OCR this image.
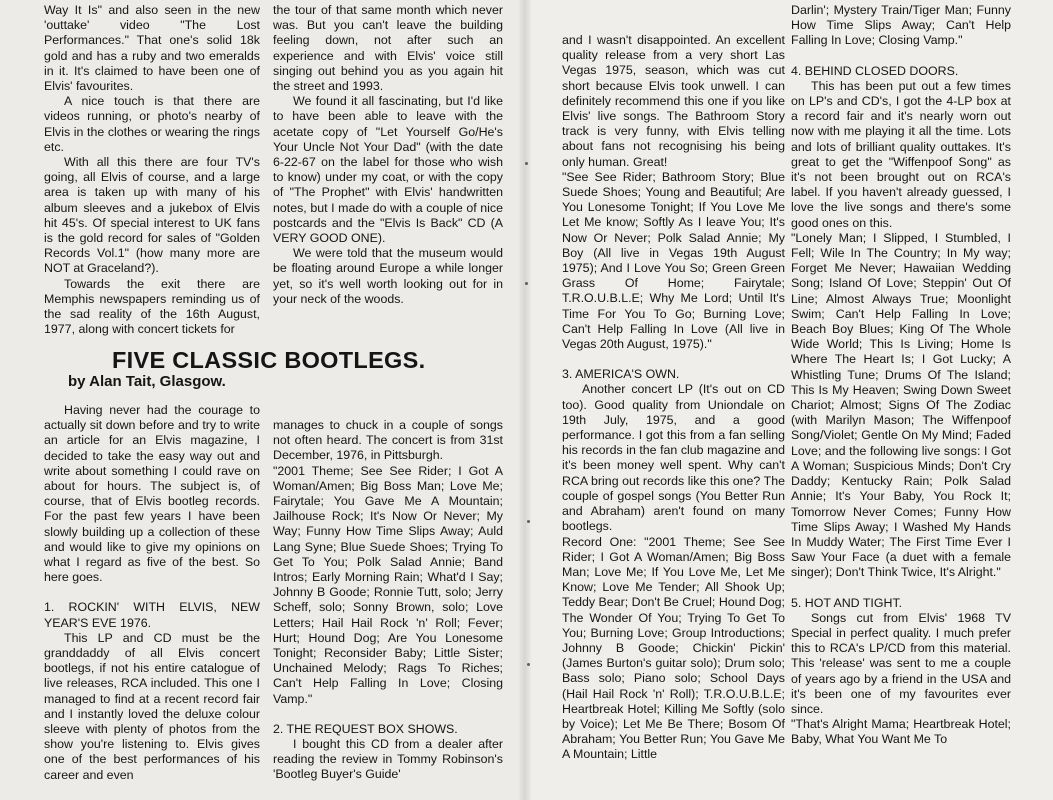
Way It Is" and also seen in the new 'outtake' video "The Lost Performances." That one's solid 18k gold and has a ruby and two emeralds in it. It's claimed to have been one of Elvis' favourites.

A nice touch is that there are videos running, or photo's nearby of Elvis in the clothes or wearing the rings etc.

With all this there are four TV's going, all Elvis of course, and a large area is taken up with many of his album sleeves and a jukebox of Elvis hit 45's. Of special interest to UK fans is the gold record for sales of "Golden Records Vol.1" (how many more are NOT at Graceland?).

Towards the exit there are Memphis newspapers reminding us of the sad reality of the 16th August, 1977, along with concert tickets for

the tour of that same month which never was. But you can't leave the building feeling down, not after such an experience and with Elvis' voice still singing out behind you as you again hit the street and 1993.

We found it all fascinating, but I'd like to have been able to leave with the acetate copy of "Let Yourself Go/He's Your Uncle Not Your Dad" (with the date 6-22-67 on the label for those who wish to know) under my coat, or with the copy of "The Prophet" with Elvis' handwritten notes, but I made do with a couple of nice postcards and the "Elvis Is Back" CD (A VERY GOOD ONE).

We were told that the museum would be floating around Europe a while longer yet, so it's well worth looking out for in your neck of the woods.

FIVE CLASSIC BOOTLEGS.
by Alan Tait, Glasgow.

Having never had the courage to actually sit down before and try to write an article for an Elvis magazine, I decided to take the easy way out and write about something I could rave on about for hours. The subject is, of course, that of Elvis bootleg records. For the past few years I have been slowly building up a collection of these and would like to give my opinions on what I regard as five of the best. So here goes.

1. ROCKIN' WITH ELVIS, NEW YEAR'S EVE 1976.

This LP and CD must be the granddaddy of all Elvis concert bootlegs, if not his entire catalogue of live releases, RCA included. This one I managed to find at a recent record fair and I instantly loved the deluxe colour sleeve with plenty of photos from the show you're listening to. Elvis gives one of the best performances of his career and even

manages to chuck in a couple of songs not often heard. The concert is from 31st December, 1976, in Pittsburgh.

"2001 Theme; See See Rider; I Got A Woman/Amen; Big Boss Man; Love Me; Fairytale; You Gave Me A Mountain; Jailhouse Rock; It's Now Or Never; My Way; Funny How Time Slips Away; Auld Lang Syne; Blue Suede Shoes; Trying To Get To You; Polk Salad Annie; Band Intros; Early Morning Rain; What'd I Say; Johnny B Goode; Ronnie Tutt, solo; Jerry Scheff, solo; Sonny Brown, solo; Love Letters; Hail Hail Rock 'n' Roll; Fever; Hurt; Hound Dog; Are You Lonesome Tonight; Reconsider Baby; Little Sister; Unchained Melody; Rags To Riches; Can't Help Falling In Love; Closing Vamp."

2. THE REQUEST BOX SHOWS.

I bought this CD from a dealer after reading the review in Tommy Robinson's 'Bootleg Buyer's Guide'

and I wasn't disappointed. An excellent quality release from a very short Las Vegas 1975, season, which was cut short because Elvis took unwell. I can definitely recommend this one if you like Elvis' live songs. The Bathroom Story track is very funny, with Elvis telling about fans not recognising his being only human. Great!

"See See Rider; Bathroom Story; Blue Suede Shoes; Young and Beautiful; Are You Lonesome Tonight; If You Love Me Let Me know; Softly As I leave You; It's Now Or Never; Polk Salad Annie; My Boy (All live in Vegas 19th August 1975); And I Love You So; Green Green Grass Of Home; Fairytale; T.R.O.U.B.L.E; Why Me Lord; Until It's Time For You To Go; Burning Love; Can't Help Falling In Love (All live in Vegas 20th August, 1975)."

3. AMERICA'S OWN.

Another concert LP (It's out on CD too). Good quality from Uniondale on 19th July, 1975, and a good performance. I got this from a fan selling his records in the fan club magazine and it's been money well spent. Why can't RCA bring out records like this one? The couple of gospel songs (You Better Run and Abraham) aren't found on many bootlegs.

Record One: "2001 Theme; See See Rider; I Got A Woman/Amen; Big Boss Man; Love Me; If You Love Me, Let Me Know; Love Me Tender; All Shook Up; Teddy Bear; Don't Be Cruel; Hound Dog; The Wonder Of You; Trying To Get To You; Burning Love; Group Introductions; Johnny B Goode; Chickin' Pickin' (James Burton's guitar solo); Drum solo; Bass solo; Piano solo; School Days (Hail Hail Rock 'n' Roll); T.R.O.U.B.L.E; Heartbreak Hotel; Killing Me Softly (solo by Voice); Let Me Be There; Bosom Of Abraham; You Better Run; You Gave Me A Mountain; Little

Darlin'; Mystery Train/Tiger Man; Funny How Time Slips Away; Can't Help Falling In Love; Closing Vamp."

4. BEHIND CLOSED DOORS.

This has been put out a few times on LP's and CD's, I got the 4-LP box at a record fair and it's nearly worn out now with me playing it all the time. Lots and lots of brilliant quality outtakes. It's great to get the "Wiffenpoof Song" as it's not been brought out on RCA's label. If you haven't already guessed, I love the live songs and there's some good ones on this.

"Lonely Man; I Slipped, I Stumbled, I Fell; Wile In The Country; In My way; Forget Me Never; Hawaiian Wedding Song; Island Of Love; Steppin' Out Of Line; Almost Always True; Moonlight Swim; Can't Help Falling In Love; Beach Boy Blues; King Of The Whole Wide World; This Is Living; Home Is Where The Heart Is; I Got Lucky; A Whistling Tune; Drums Of The Island; This Is My Heaven; Swing Down Sweet Chariot; Almost; Signs Of The Zodiac (with Marilyn Mason; The Wiffenpoof Song/Violet; Gentle On My Mind; Faded Love; and the following live songs: I Got A Woman; Suspicious Minds; Don't Cry Daddy; Kentucky Rain; Polk Salad Annie; It's Your Baby, You Rock It; Tomorrow Never Comes; Funny How Time Slips Away; I Washed My Hands In Muddy Water; The First Time Ever I Saw Your Face (a duet with a female singer); Don't Think Twice, It's Alright."

5. HOT AND TIGHT.

Songs cut from Elvis' 1968 TV Special in perfect quality. I much prefer this to RCA's LP/CD from this material. This 'release' was sent to me a couple of years ago by a friend in the USA and it's been one of my favourites ever since.

"That's Alright Mama; Heartbreak Hotel; Baby, What You Want Me To
